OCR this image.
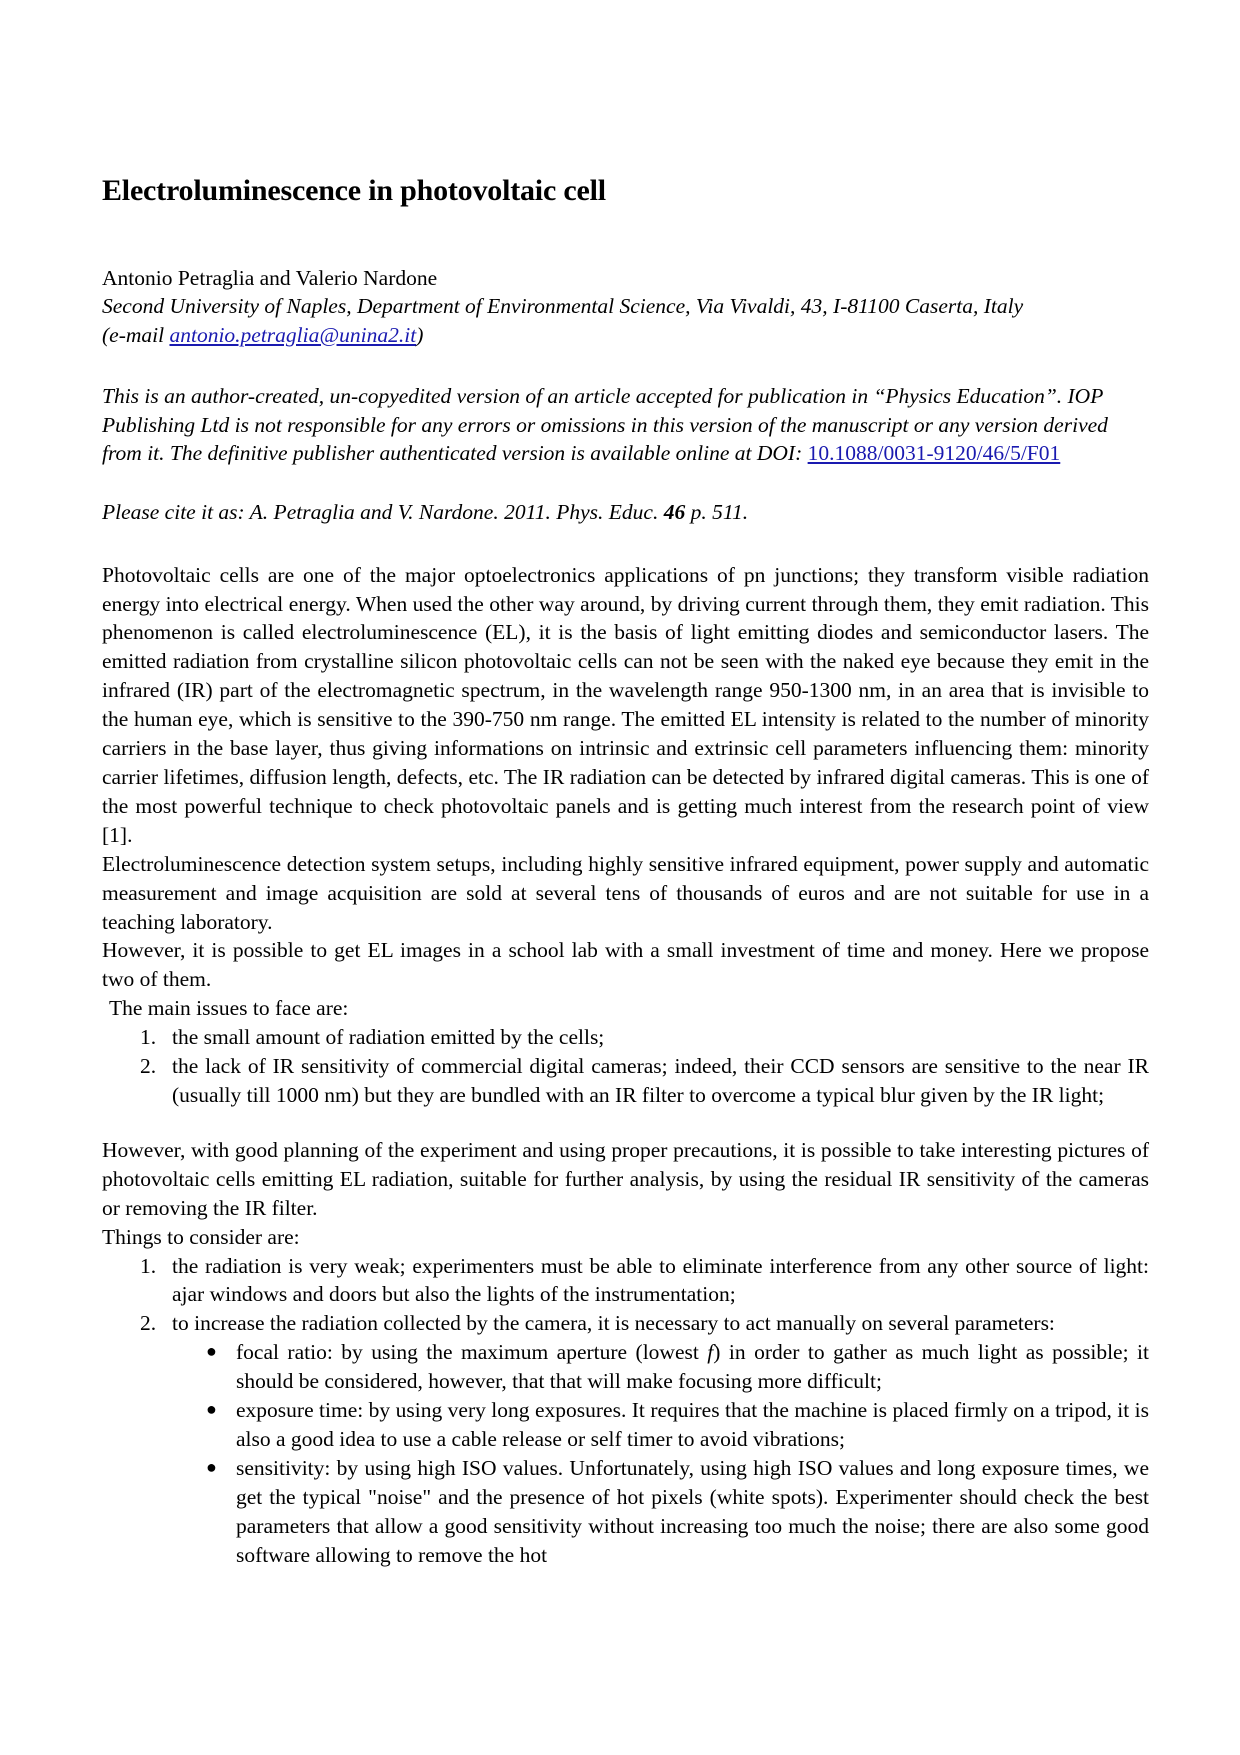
Electroluminescence in photovoltaic cell
Antonio Petraglia and Valerio Nardone
Second University of Naples, Department of Environmental Science, Via Vivaldi, 43, I-81100 Caserta, Italy
(e-mail antonio.petraglia@unina2.it)
This is an author-created, un-copyedited version of an article accepted for publication in “Physics Education”. IOP Publishing Ltd is not responsible for any errors or omissions in this version of the manuscript or any version derived from it. The definitive publisher authenticated version is available online at DOI: 10.1088/0031-9120/46/5/F01
Please cite it as: A. Petraglia and V. Nardone. 2011. Phys. Educ. 46 p. 511.

Photovoltaic cells are one of the major optoelectronics applications of pn junctions; they transform visible radiation energy into electrical energy. When used the other way around, by driving current through them, they emit radiation. This phenomenon is called electroluminescence (EL), it is the basis of light emitting diodes and semiconductor lasers. The emitted radiation from crystalline silicon photovoltaic cells can not be seen with the naked eye because they emit in the infrared (IR) part of the electromagnetic spectrum, in the wavelength range 950-1300 nm, in an area that is invisible to the human eye, which is sensitive to the 390-750 nm range. The emitted EL intensity is related to the number of minority carriers in the base layer, thus giving informations on intrinsic and extrinsic cell parameters influencing them: minority carrier lifetimes, diffusion length, defects, etc. The IR radiation can be detected by infrared digital cameras. This is one of the most powerful technique to check photovoltaic panels and is getting much interest from the research point of view [1].

Electroluminescence detection system setups, including highly sensitive infrared equipment, power supply and automatic measurement and image acquisition are sold at several tens of thousands of euros and are not suitable for use in a teaching laboratory.

However, it is possible to get EL images in a school lab with a small investment of time and money. Here we propose two of them.

The main issues to face are:

1. the small amount of radiation emitted by the cells;
2. the lack of IR sensitivity of commercial digital cameras; indeed, their CCD sensors are sensitive to the near IR (usually till 1000 nm) but they are bundled with an IR filter to overcome a typical blur given by the IR light;

However, with good planning of the experiment and using proper precautions, it is possible to take interesting pictures of photovoltaic cells emitting EL radiation, suitable for further analysis, by using the residual IR sensitivity of the cameras or removing the IR filter.

Things to consider are:

1. the radiation is very weak; experimenters must be able to eliminate interference from any other source of light: ajar windows and doors but also the lights of the instrumentation;
2. to increase the radiation collected by the camera, it is necessary to act manually on several parameters:
● focal ratio: by using the maximum aperture (lowest f) in order to gather as much light as possible; it should be considered, however, that that will make focusing more difficult;
● exposure time: by using very long exposures. It requires that the machine is placed firmly on a tripod, it is also a good idea to use a cable release or self timer to avoid vibrations;
● sensitivity: by using high ISO values. Unfortunately, using high ISO values and long exposure times, we get the typical "noise" and the presence of hot pixels (white spots). Experimenter should check the best parameters that allow a good sensitivity without increasing too much the noise; there are also some good software allowing to remove the hot
